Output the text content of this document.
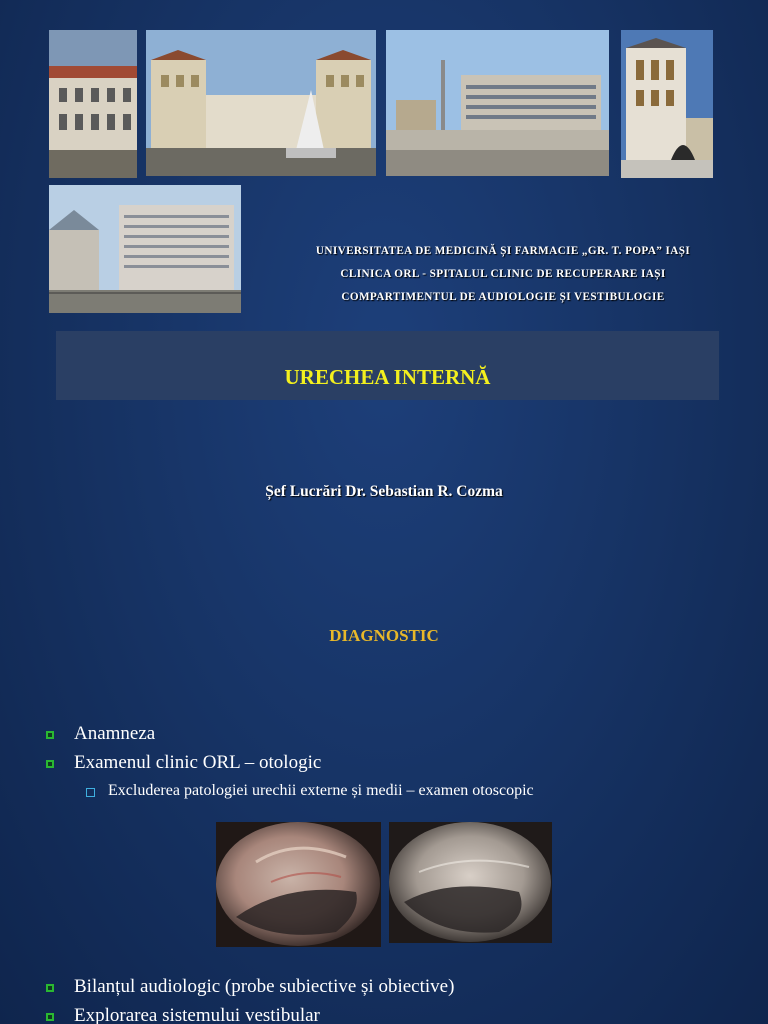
UNIVERSITATEA DE MEDICINĂ ȘI FARMACIE „GR. T. POPA” IAȘI
CLINICA ORL - SPITALUL CLINIC DE RECUPERARE IAȘI
COMPARTIMENTUL DE AUDIOLOGIE ȘI VESTIBULOGIE
URECHEA INTERNĂ
Șef Lucrări Dr. Sebastian R. Cozma
DIAGNOSTIC
Anamneza
Examenul clinic ORL – otologic
Excluderea patologiei urechii externe și medii – examen otoscopic
Bilanțul audiologic (probe subiective și obiective)
Explorarea sistemului vestibular
